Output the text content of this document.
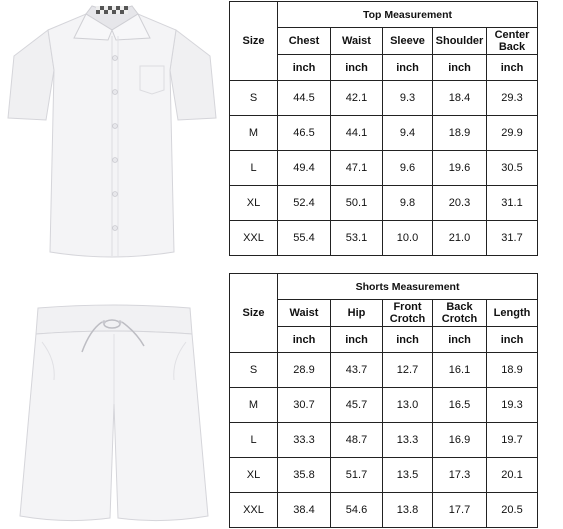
Size	Top Measurement				
	Chest	Waist	Sleeve	Shoulder	Center Back
	inch	inch	inch	inch	inch
S	44.5	42.1	9.3	18.4	29.3
M	46.5	44.1	9.4	18.9	29.9
L	49.4	47.1	9.6	19.6	30.5
XL	52.4	50.1	9.8	20.3	31.1
XXL	55.4	53.1	10.0	21.0	31.7
Size	Shorts Measurement				
	Waist	Hip	Front Crotch	Back Crotch	Length
	inch	inch	inch	inch	inch
S	28.9	43.7	12.7	16.1	18.9
M	30.7	45.7	13.0	16.5	19.3
L	33.3	48.7	13.3	16.9	19.7
XL	35.8	51.7	13.5	17.3	20.1
XXL	38.4	54.6	13.8	17.7	20.5
